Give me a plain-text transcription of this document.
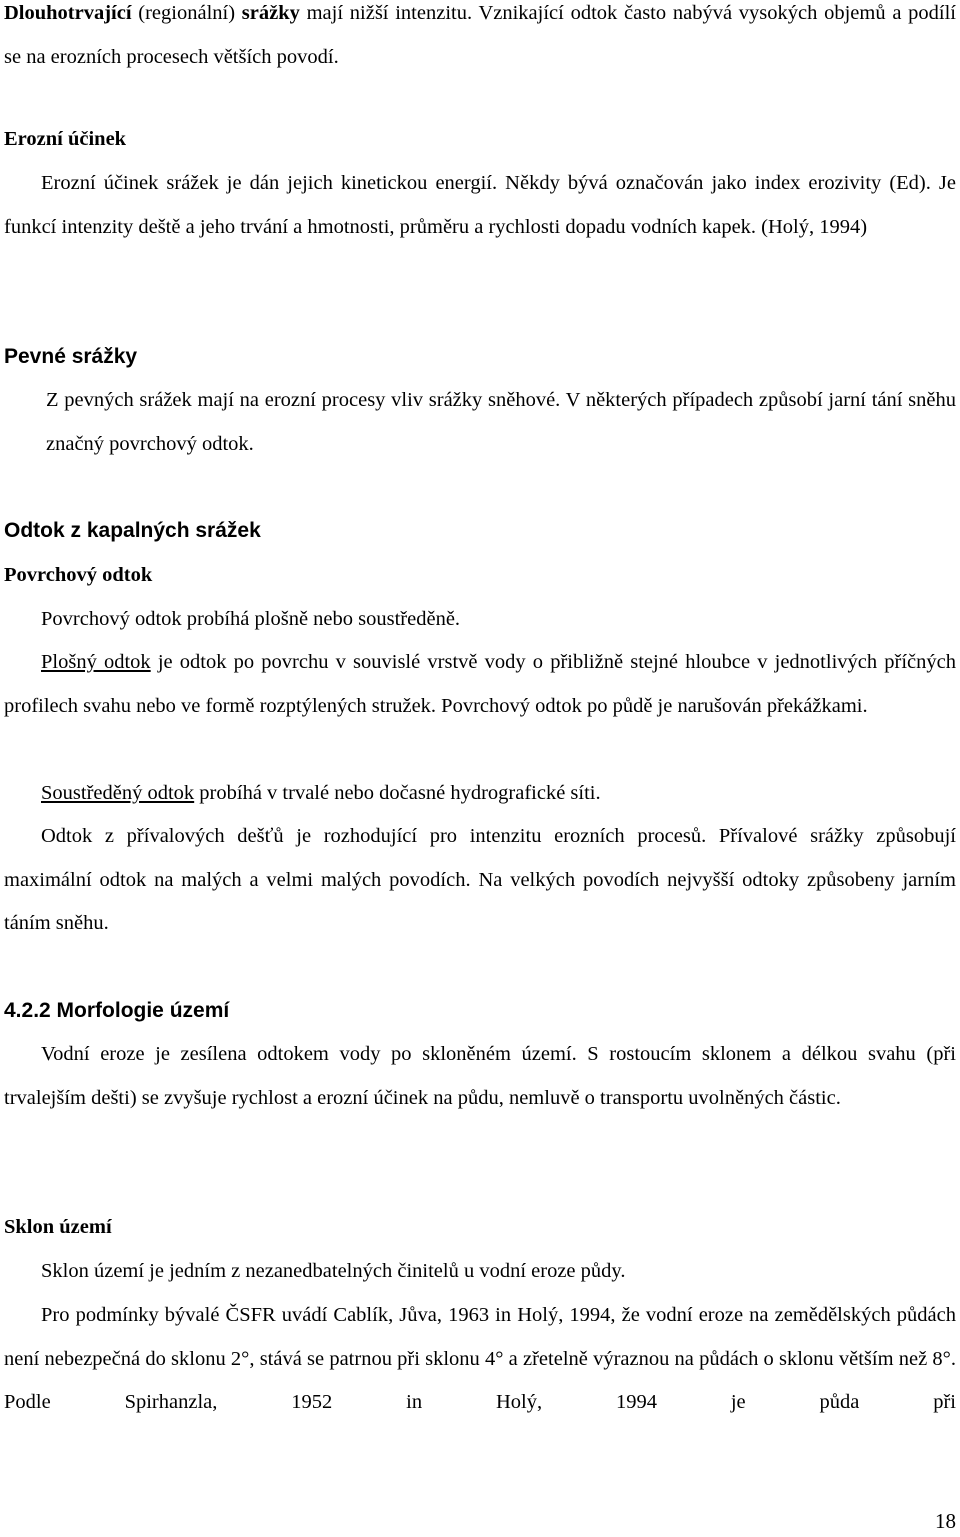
Dlouhotrvající (regionální) srážky mají nižší intenzitu. Vznikající odtok často nabývá vysokých objemů a podílí se na erozních procesech větších povodí.

Erozní účinek

Erozní účinek srážek je dán jejich kinetickou energií. Někdy bývá označován jako index erozivity (Ed). Je funkcí intenzity deště a jeho trvání a hmotnosti, průměru a rychlosti dopadu vodních kapek. (Holý, 1994)

Pevné srážky

Z pevných srážek mají na erozní procesy vliv srážky sněhové. V některých případech způsobí jarní tání sněhu značný povrchový odtok.

Odtok z kapalných srážek

Povrchový odtok

Povrchový odtok probíhá plošně nebo soustředěně.

Plošný odtok je odtok po povrchu v souvislé vrstvě vody o přibližně stejné hloubce v jednotlivých příčných profilech svahu nebo ve formě rozptýlených stružek. Povrchový odtok po půdě je narušován překážkami.

Soustředěný odtok probíhá v trvalé nebo dočasné hydrografické síti.

Odtok z přívalových dešťů je rozhodující pro intenzitu erozních procesů. Přívalové srážky způsobují maximální odtok na malých a velmi malých povodích. Na velkých povodích nejvyšší odtoky způsobeny jarním táním sněhu.

4.2.2 Morfologie území

Vodní eroze je zesílena odtokem vody po skloněném území. S rostoucím sklonem a délkou svahu (při trvalejším dešti) se zvyšuje rychlost a erozní účinek na půdu, nemluvě o transportu uvolněných částic.

Sklon území

Sklon území je jedním z nezanedbatelných činitelů u vodní eroze půdy.

Pro podmínky bývalé ČSFR uvádí Cablík, Jůva, 1963 in Holý, 1994, že vodní eroze na zemědělských půdách není nebezpečná do sklonu 2°, stává se patrnou při sklonu 4° a zřetelně výraznou na půdách o sklonu větším než 8°. Podle Spirhanzla, 1952 in Holý, 1994 je půda při

18
